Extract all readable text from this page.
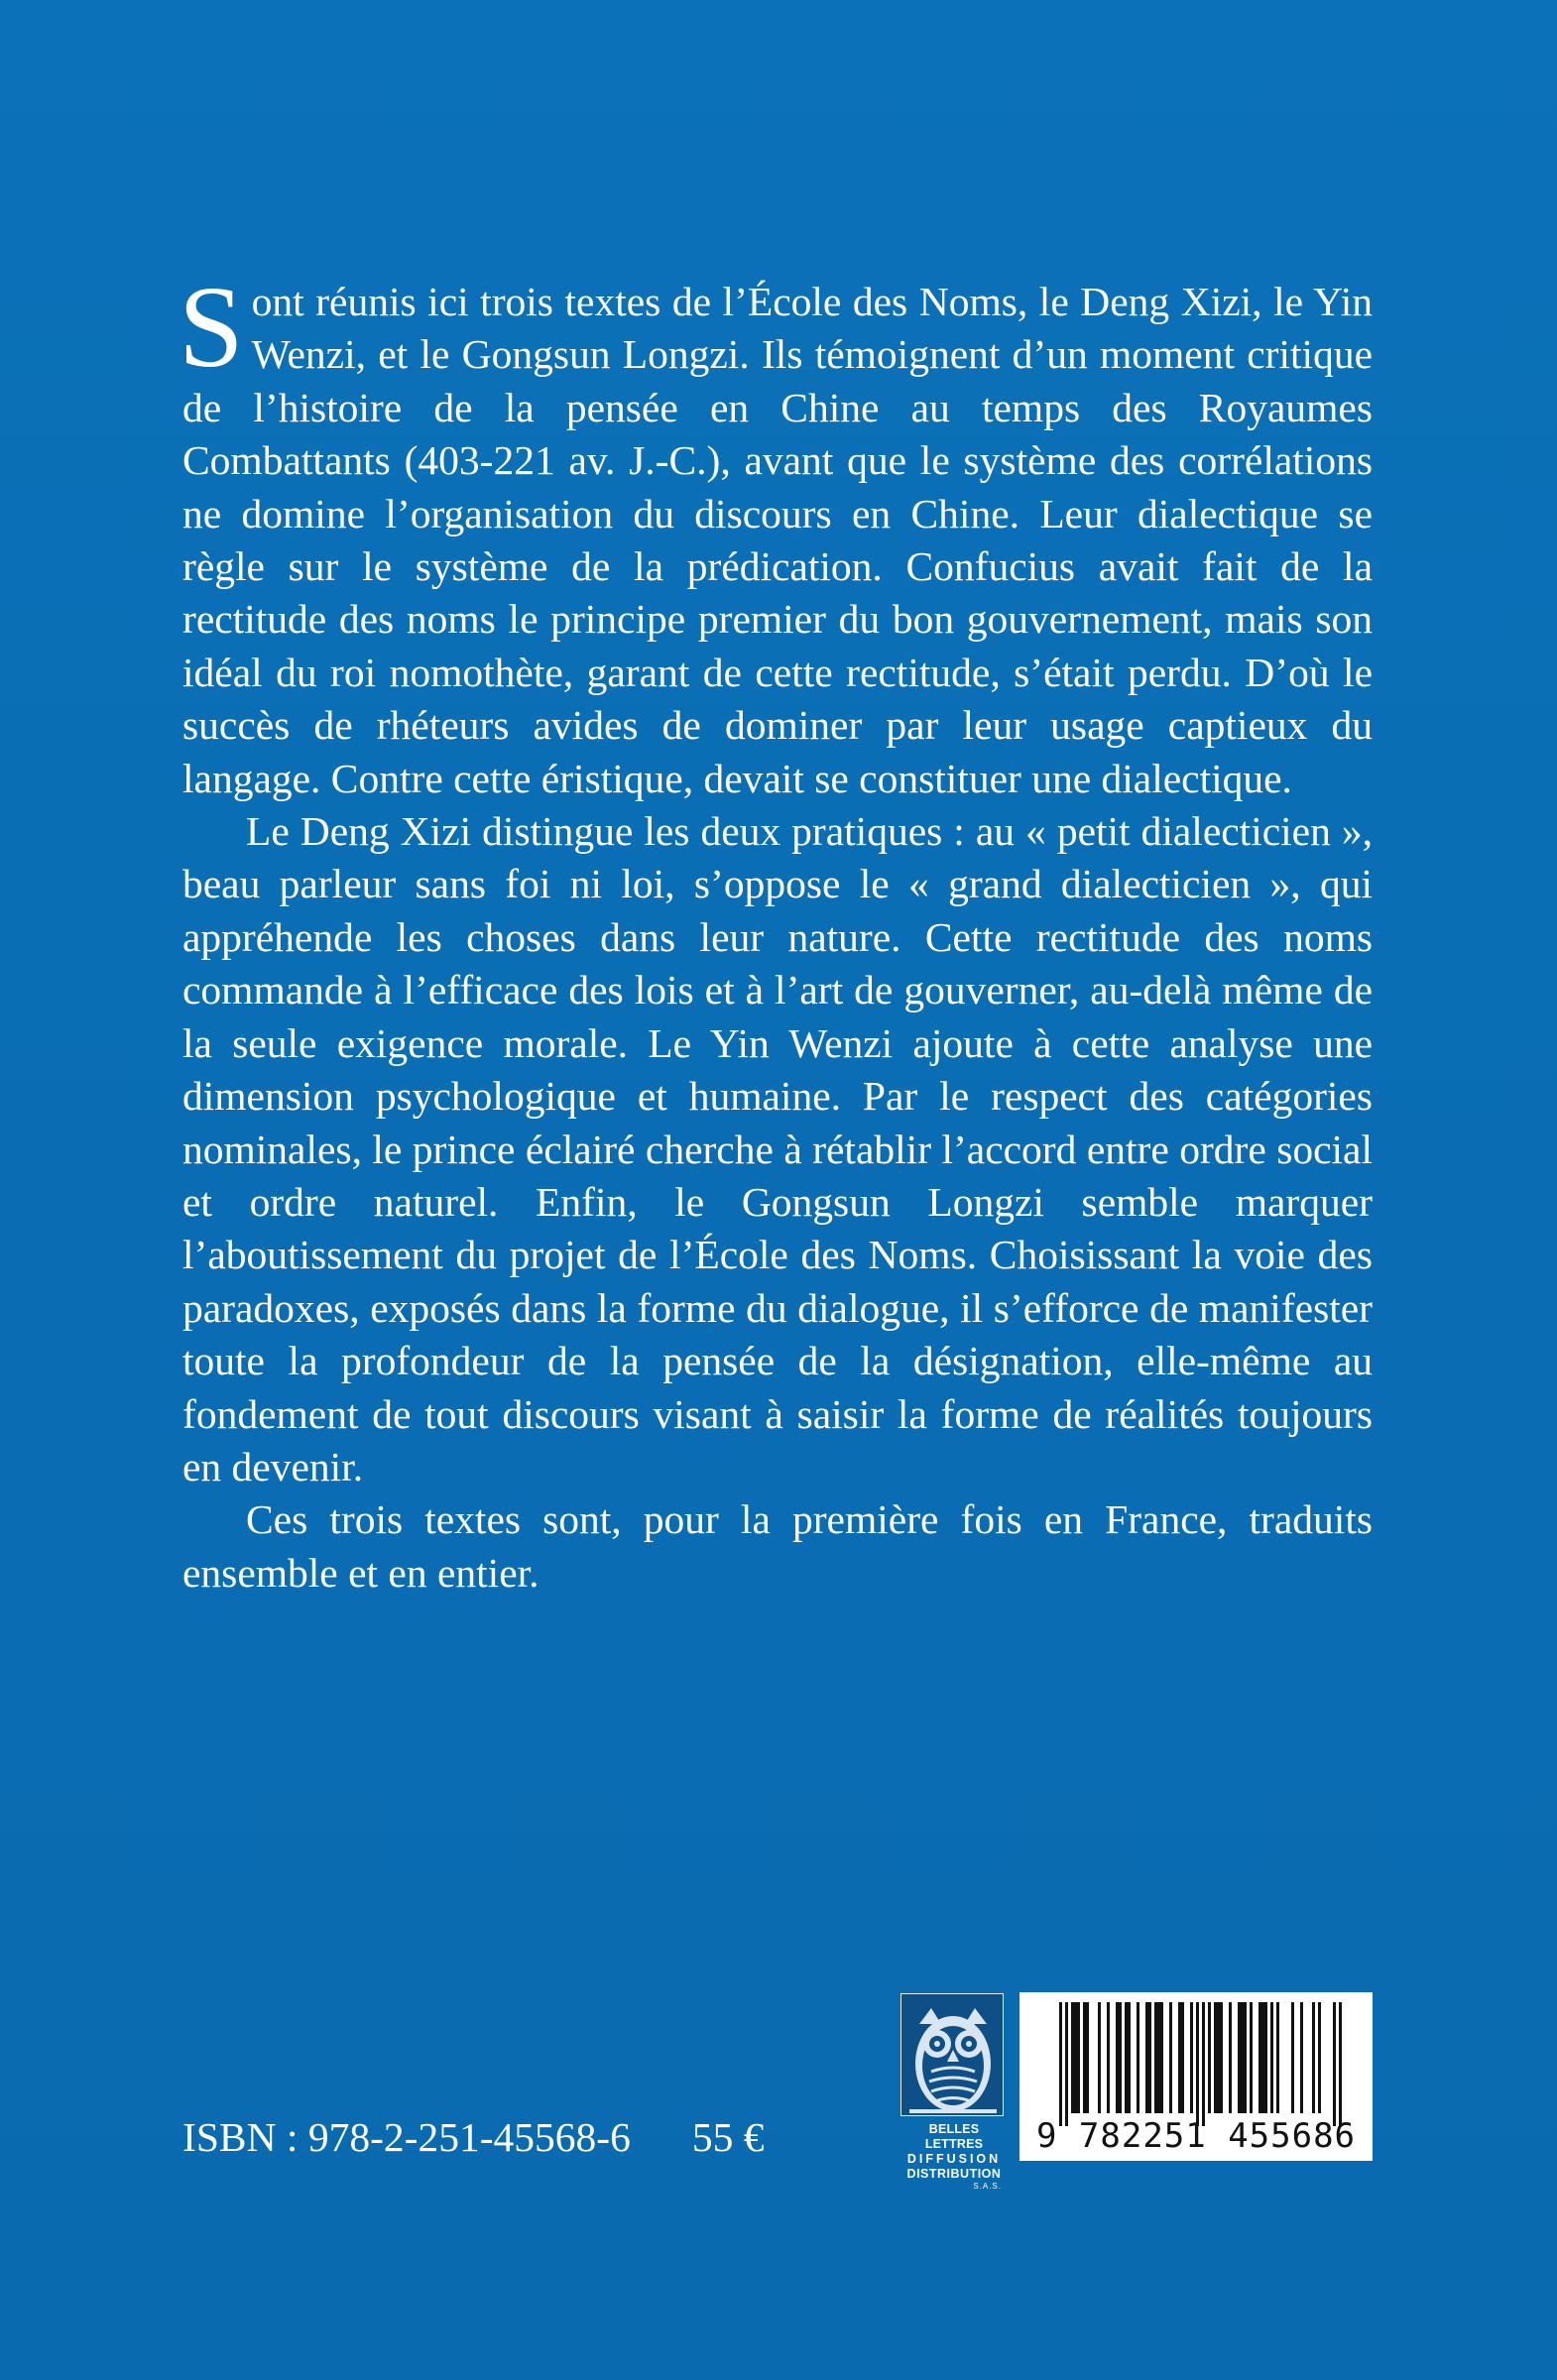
Sont réunis ici trois textes de l’École des Noms, le Deng Xizi, le Yin Wenzi, et le Gongsun Longzi. Ils témoignent d’un moment critique de l’histoire de la pensée en Chine au temps des Royaumes Combattants (403-221 av. J.-C.), avant que le système des corrélations ne domine l’organisation du discours en Chine. Leur dialectique se règle sur le système de la prédication. Confucius avait fait de la rectitude des noms le principe premier du bon gouvernement, mais son idéal du roi nomothète, garant de cette rectitude, s’était perdu. D’où le succès de rhéteurs avides de dominer par leur usage captieux du langage. Contre cette éristique, devait se constituer une dialectique.

Le Deng Xizi distingue les deux pratiques : au « petit dialecticien », beau parleur sans foi ni loi, s’oppose le « grand dialecticien », qui appréhende les choses dans leur nature. Cette rectitude des noms commande à l’efficace des lois et à l’art de gouverner, au-delà même de la seule exigence morale. Le Yin Wenzi ajoute à cette analyse une dimension psychologique et humaine. Par le respect des catégories nominales, le prince éclairé cherche à rétablir l’accord entre ordre social et ordre naturel. Enfin, le Gongsun Longzi semble marquer l’aboutissement du projet de l’École des Noms. Choisissant la voie des paradoxes, exposés dans la forme du dialogue, il s’efforce de manifester toute la profondeur de la pensée de la désignation, elle-même au fondement de tout discours visant à saisir la forme de réalités toujours en devenir.

Ces trois textes sont, pour la première fois en France, traduits ensemble et en entier.

ISBN : 978-2-251-45568-6 55 €	BELLES LETTRES
DIFFUSION
DISTRIBUTION
S.A.S.
9 782251 455686
